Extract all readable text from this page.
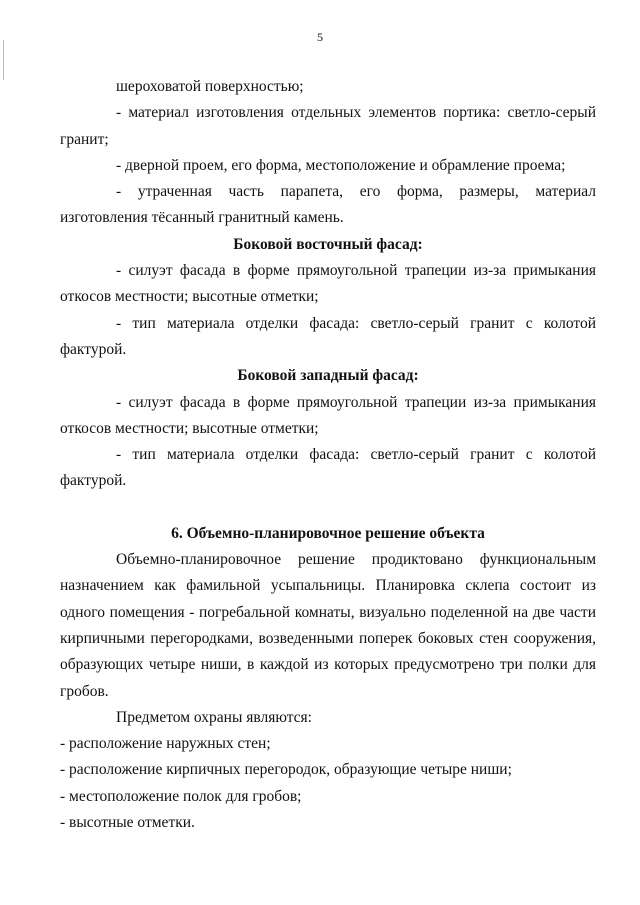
5

шероховатой поверхностью;

- материал изготовления отдельных элементов портика: светло-серый гранит;

- дверной проем, его форма, местоположение и обрамление проема;

- утраченная часть парапета, его форма, размеры, материал изготовления тёсанный гранитный камень.

Боковой восточный фасад:

- силуэт фасада в форме прямоугольной трапеции из-за примыкания откосов местности; высотные отметки;

- тип материала отделки фасада: светло-серый гранит с колотой фактурой.

Боковой западный фасад:

- силуэт фасада в форме прямоугольной трапеции из-за примыкания откосов местности; высотные отметки;

- тип материала отделки фасада: светло-серый гранит с колотой фактурой.

6. Объемно-планировочное решение объекта

Объемно-планировочное решение продиктовано функциональным назначением как фамильной усыпальницы. Планировка склепа состоит из одного помещения - погребальной комнаты, визуально поделенной на две части кирпичными перегородками, возведенными поперек боковых стен сооружения, образующих четыре ниши, в каждой из которых предусмотрено три полки для гробов.

Предметом охраны являются:

- расположение наружных стен;

- расположение кирпичных перегородок, образующие четыре ниши;

- местоположение полок для гробов;

- высотные отметки.
